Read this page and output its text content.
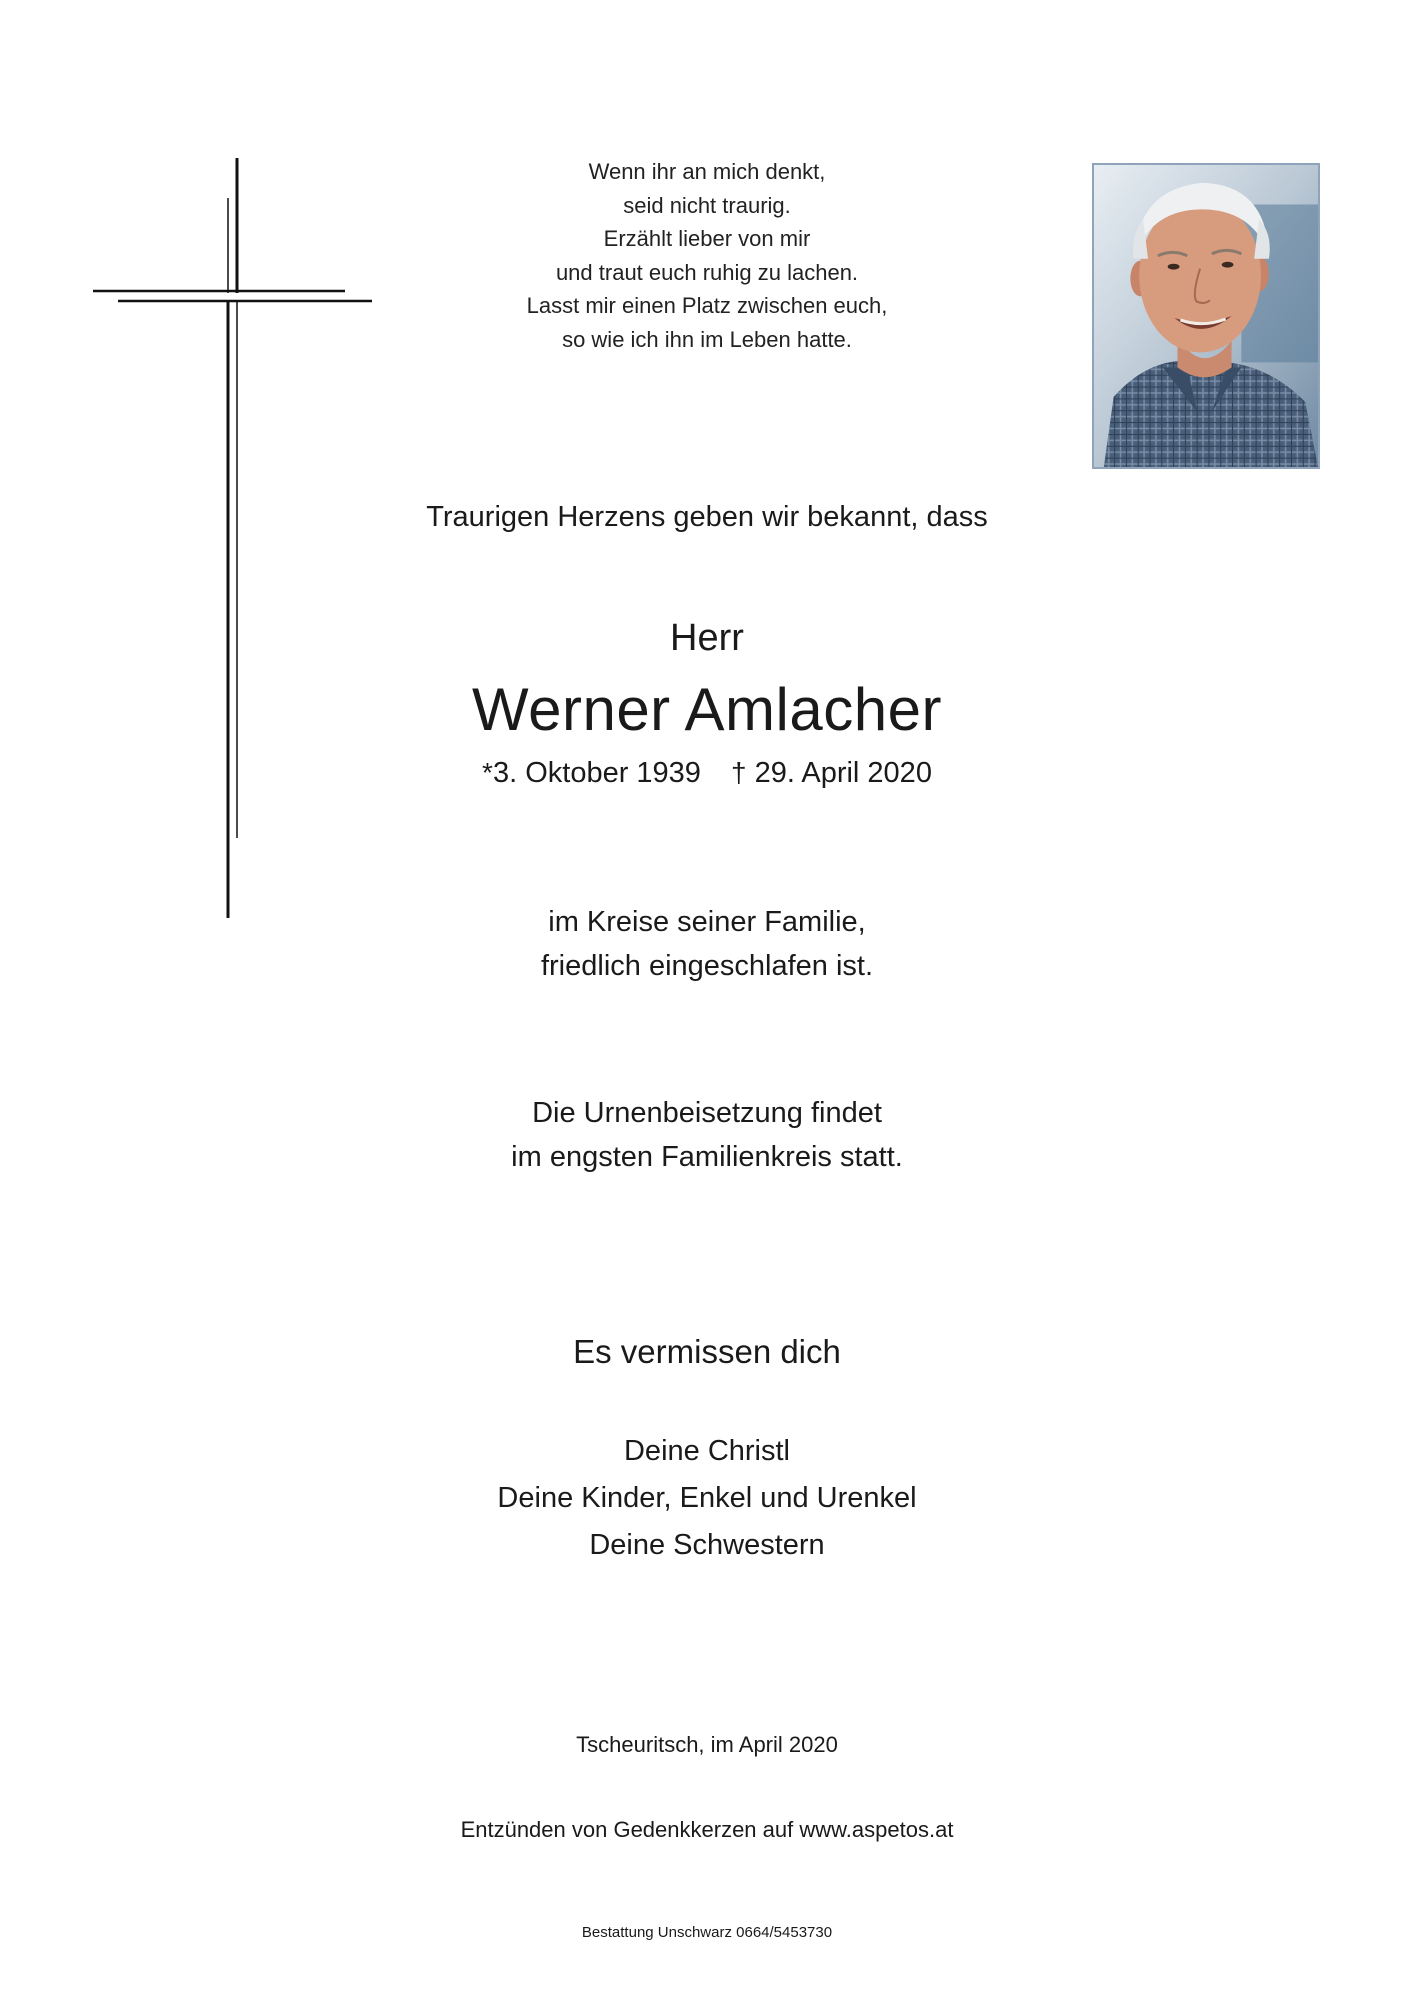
Wenn ihr an mich denkt,
seid nicht traurig.
Erzählt lieber von mir
und traut euch ruhig zu lachen.
Lasst mir einen Platz zwischen euch,
so wie ich ihn im Leben hatte.
Traurigen Herzens geben wir bekannt, dass
Herr
Werner Amlacher
*3. Oktober 1939 † 29. April 2020
im Kreise seiner Familie,
friedlich eingeschlafen ist.
Die Urnenbeisetzung findet
im engsten Familienkreis statt.
Es vermissen dich
Deine Christl
Deine Kinder, Enkel und Urenkel
Deine Schwestern
Tscheuritsch, im April 2020
Entzünden von Gedenkkerzen auf www.aspetos.at
Bestattung Unschwarz 0664/5453730
